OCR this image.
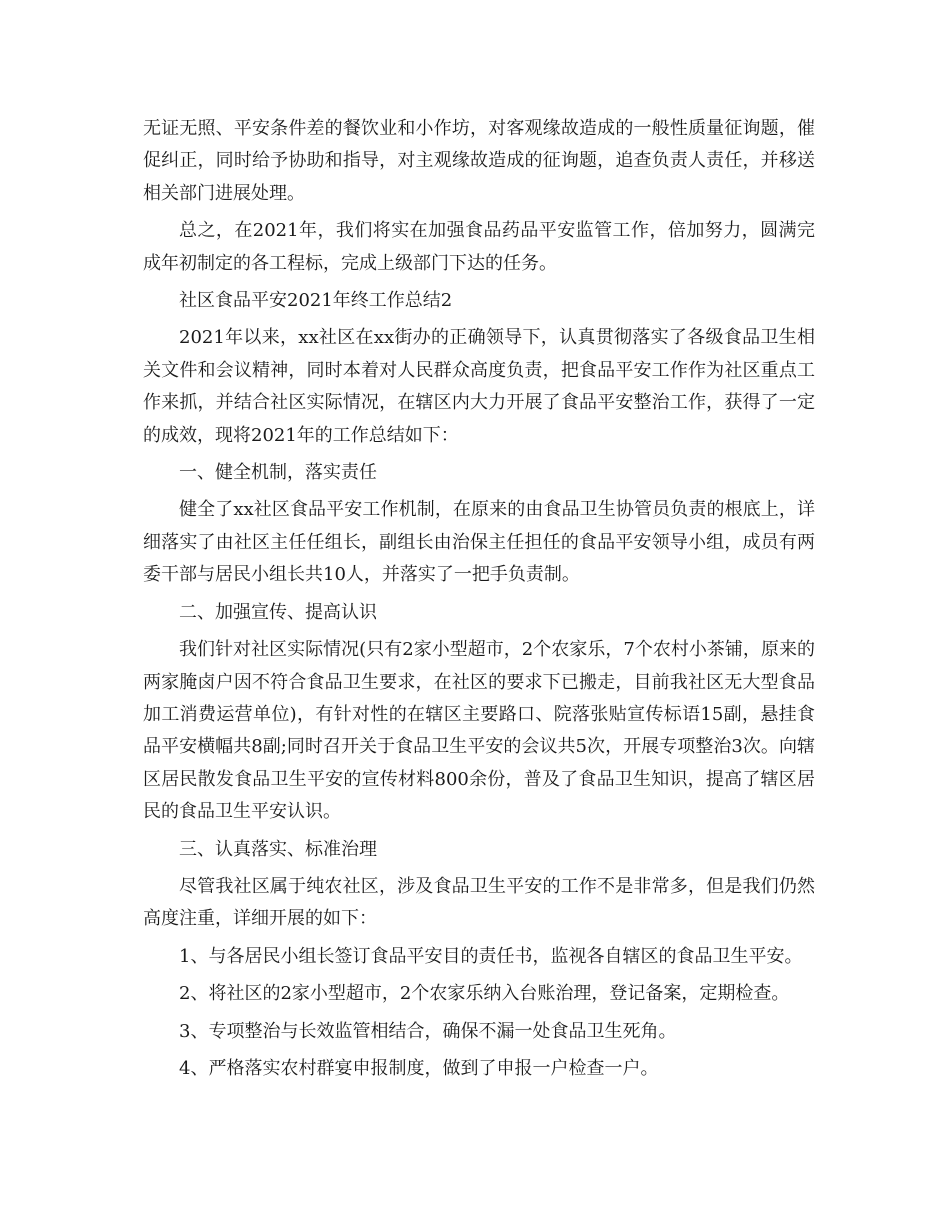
无证无照、平安条件差的餐饮业和小作坊，对客观缘故造成的一般性质量征询题，催促纠正，同时给予协助和指导，对主观缘故造成的征询题，追查负责人责任，并移送相关部门进展处理。

总之，在2021年，我们将实在加强食品药品平安监管工作，倍加努力，圆满完成年初制定的各工程标，完成上级部门下达的任务。

社区食品平安2021年终工作总结2

2021年以来，xx社区在xx街办的正确领导下，认真贯彻落实了各级食品卫生相关文件和会议精神，同时本着对人民群众高度负责，把食品平安工作作为社区重点工作来抓，并结合社区实际情况，在辖区内大力开展了食品平安整治工作，获得了一定的成效，现将2021年的工作总结如下：

一、健全机制，落实责任

健全了xx社区食品平安工作机制，在原来的由食品卫生协管员负责的根底上，详细落实了由社区主任任组长，副组长由治保主任担任的食品平安领导小组，成员有两委干部与居民小组长共10人，并落实了一把手负责制。

二、加强宣传、提高认识

我们针对社区实际情况(只有2家小型超市，2个农家乐，7个农村小茶铺，原来的两家腌卤户因不符合食品卫生要求，在社区的要求下已搬走，目前我社区无大型食品加工消费运营单位)，有针对性的在辖区主要路口、院落张贴宣传标语15副，悬挂食品平安横幅共8副;同时召开关于食品卫生平安的会议共5次，开展专项整治3次。向辖区居民散发食品卫生平安的宣传材料800余份，普及了食品卫生知识，提高了辖区居民的食品卫生平安认识。

三、认真落实、标准治理

尽管我社区属于纯农社区，涉及食品卫生平安的工作不是非常多，但是我们仍然高度注重，详细开展的如下：

1、与各居民小组长签订食品平安目的责任书，监视各自辖区的食品卫生平安。

2、将社区的2家小型超市，2个农家乐纳入台账治理，登记备案，定期检查。

3、专项整治与长效监管相结合，确保不漏一处食品卫生死角。

4、严格落实农村群宴申报制度，做到了申报一户检查一户。
